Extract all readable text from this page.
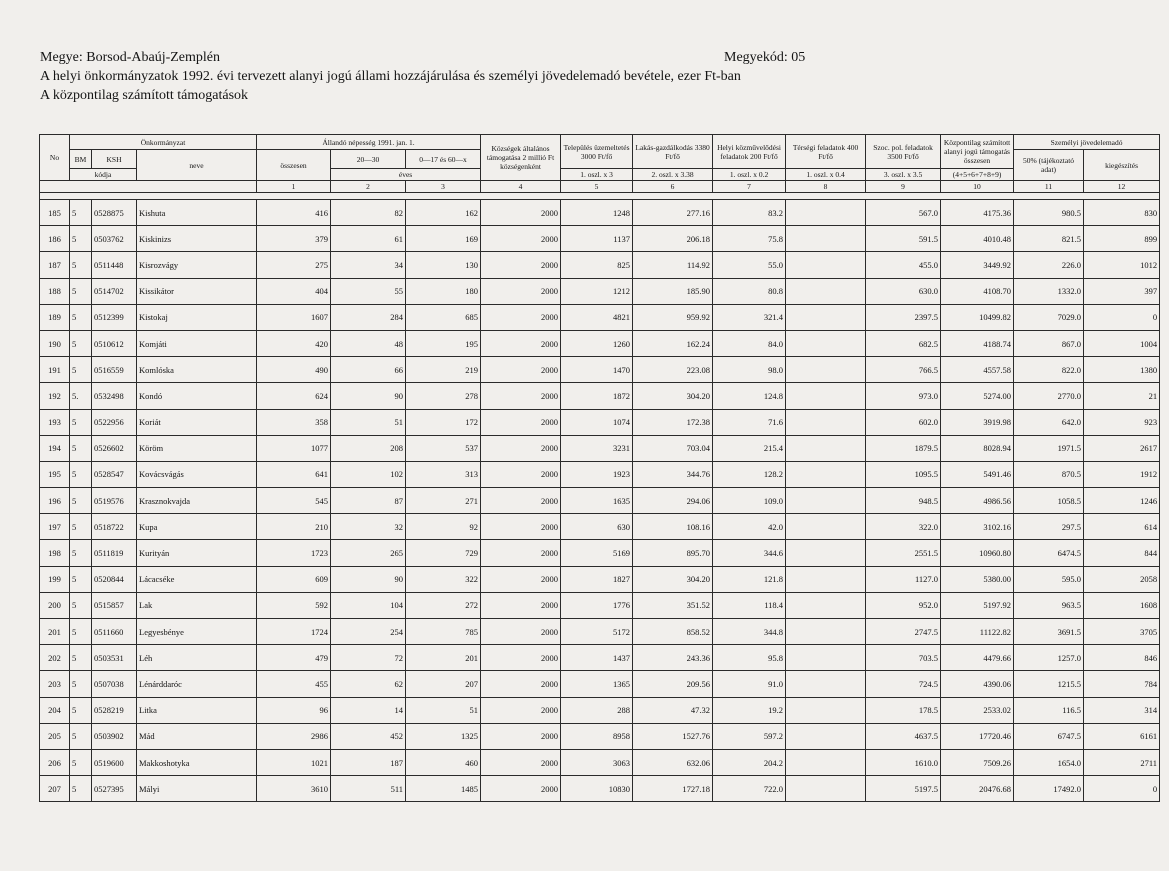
Megye: Borsod-Abaúj-Zemplén	Megyekód: 05
A helyi önkormányzatok 1992. évi tervezett alanyi jogú állami hozzájárulása és személyi jövedelemadó bevétele, ezer Ft-ban
A központilag számított támogatások
No	Önkormányzat			Állandó népesség 1991. jan. 1.			Községek általános támogatása 2 millió Ft községenként	Település üzemeltetés 3000 Ft/fő	Lakás-gazdálkodás 3380 Ft/fő	Helyi közművelődési feladatok 200 Ft/fő	Térségi feladatok 400 Ft/fő	Szoc. pol. feladatok 3500 Ft/fő	Központilag számított alanyi jogú támogatás összesen	Személyi jövedelemadó	
	BM	KSH	neve	összesen	20—30	0—17 és 60—x								50% (tájékoztató adat)	kiegészítés
	kódja				éves			1. oszl. x 3	2. oszl. x 3.38	1. oszl. x 0.2	1. oszl. x 0.4	3. oszl. x 3.5	(4+5+6+7+8+9)		
				1	2	3	4	5	6	7	8	9	10	11	12

185	5	0528875	Kishuta	416	82	162	2000	1248	277.16	83.2		567.0	4175.36	980.5	830
186	5	0503762	Kiskinizs	379	61	169	2000	1137	206.18	75.8		591.5	4010.48	821.5	899
187	5	0511448	Kisrozvágy	275	34	130	2000	825	114.92	55.0		455.0	3449.92	226.0	1012
188	5	0514702	Kissikátor	404	55	180	2000	1212	185.90	80.8		630.0	4108.70	1332.0	397
189	5	0512399	Kistokaj	1607	284	685	2000	4821	959.92	321.4		2397.5	10499.82	7029.0	0
190	5	0510612	Komjáti	420	48	195	2000	1260	162.24	84.0		682.5	4188.74	867.0	1004
191	5	0516559	Komlóska	490	66	219	2000	1470	223.08	98.0		766.5	4557.58	822.0	1380
192	5.	0532498	Kondó	624	90	278	2000	1872	304.20	124.8		973.0	5274.00	2770.0	21
193	5	0522956	Koriát	358	51	172	2000	1074	172.38	71.6		602.0	3919.98	642.0	923
194	5	0526602	Köröm	1077	208	537	2000	3231	703.04	215.4		1879.5	8028.94	1971.5	2617
195	5	0528547	Kovácsvágás	641	102	313	2000	1923	344.76	128.2		1095.5	5491.46	870.5	1912
196	5	0519576	Krasznokvajda	545	87	271	2000	1635	294.06	109.0		948.5	4986.56	1058.5	1246
197	5	0518722	Kupa	210	32	92	2000	630	108.16	42.0		322.0	3102.16	297.5	614
198	5	0511819	Kurityán	1723	265	729	2000	5169	895.70	344.6		2551.5	10960.80	6474.5	844
199	5	0520844	Lácacséke	609	90	322	2000	1827	304.20	121.8		1127.0	5380.00	595.0	2058
200	5	0515857	Lak	592	104	272	2000	1776	351.52	118.4		952.0	5197.92	963.5	1608
201	5	0511660	Legyesbénye	1724	254	785	2000	5172	858.52	344.8		2747.5	11122.82	3691.5	3705
202	5	0503531	Léh	479	72	201	2000	1437	243.36	95.8		703.5	4479.66	1257.0	846
203	5	0507038	Lénárddaróc	455	62	207	2000	1365	209.56	91.0		724.5	4390.06	1215.5	784
204	5	0528219	Litka	96	14	51	2000	288	47.32	19.2		178.5	2533.02	116.5	314
205	5	0503902	Mád	2986	452	1325	2000	8958	1527.76	597.2		4637.5	17720.46	6747.5	6161
206	5	0519600	Makkoshotyka	1021	187	460	2000	3063	632.06	204.2		1610.0	7509.26	1654.0	2711
207	5	0527395	Mályi	3610	511	1485	2000	10830	1727.18	722.0		5197.5	20476.68	17492.0	0
